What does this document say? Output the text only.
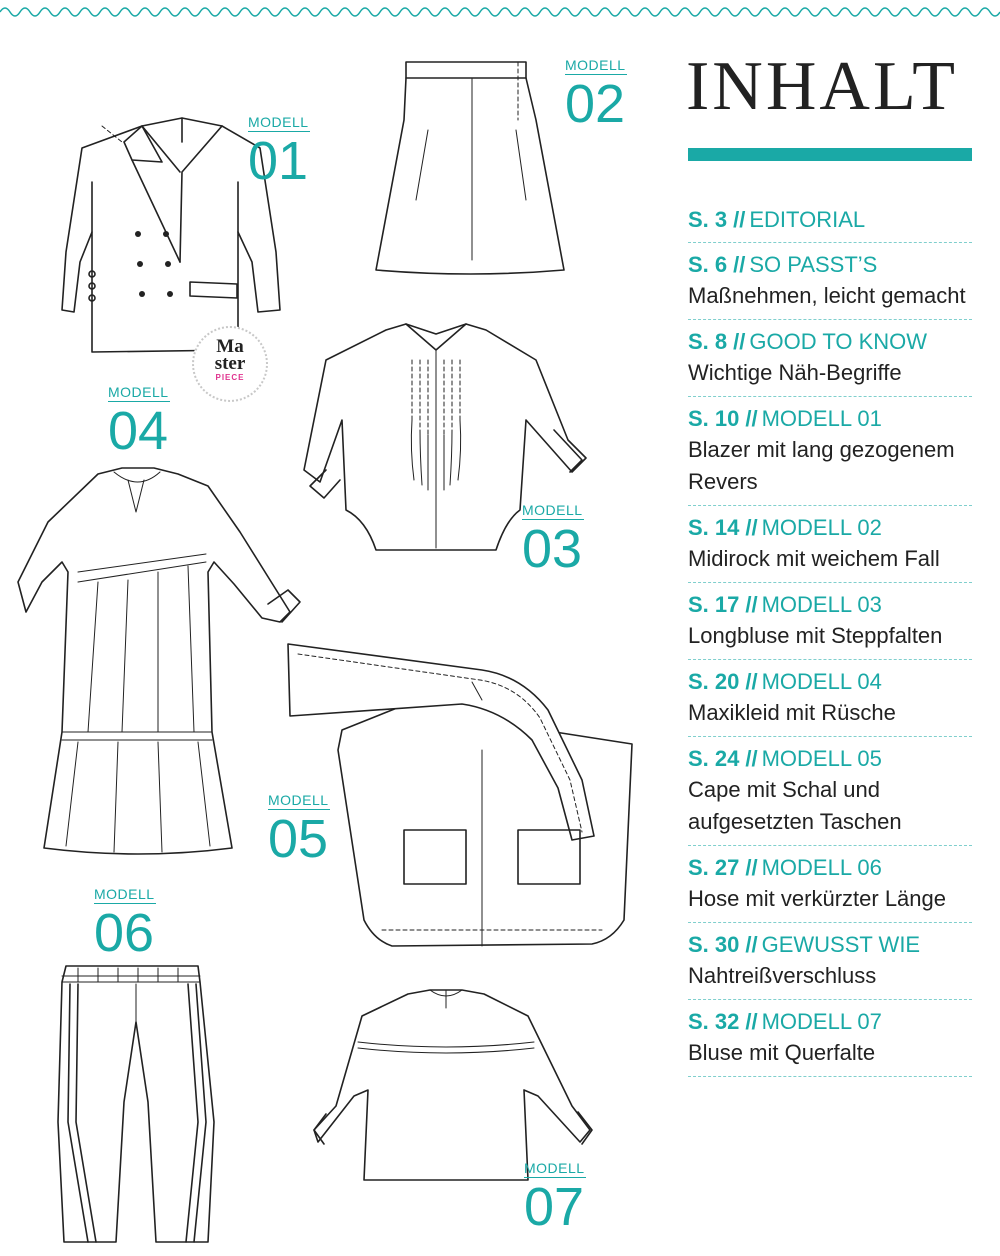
MODELL
01
MODELL
02
MODELL
03
MODELL
04
MODELL
05
MODELL
06
MODELL
07
Ma
ster
PIECE
INHALT
S. 3 // EDITORIAL
S. 6 // SO PASST’S
Maßnehmen, leicht gemacht
S. 8 // GOOD TO KNOW
Wichtige Näh-Begriffe
S. 10 // MODELL 01
Blazer mit lang gezogenem Revers
S. 14 // MODELL 02
Midirock mit weichem Fall
S. 17 // MODELL 03
Longbluse mit Steppfalten
S. 20 // MODELL 04
Maxikleid mit Rüsche
S. 24 // MODELL 05
Cape mit Schal und aufgesetzten Taschen
S. 27 // MODELL 06
Hose mit verkürzter Länge
S. 30 // GEWUSST WIE
Nahtreißverschluss
S. 32 // MODELL 07
Bluse mit Querfalte
